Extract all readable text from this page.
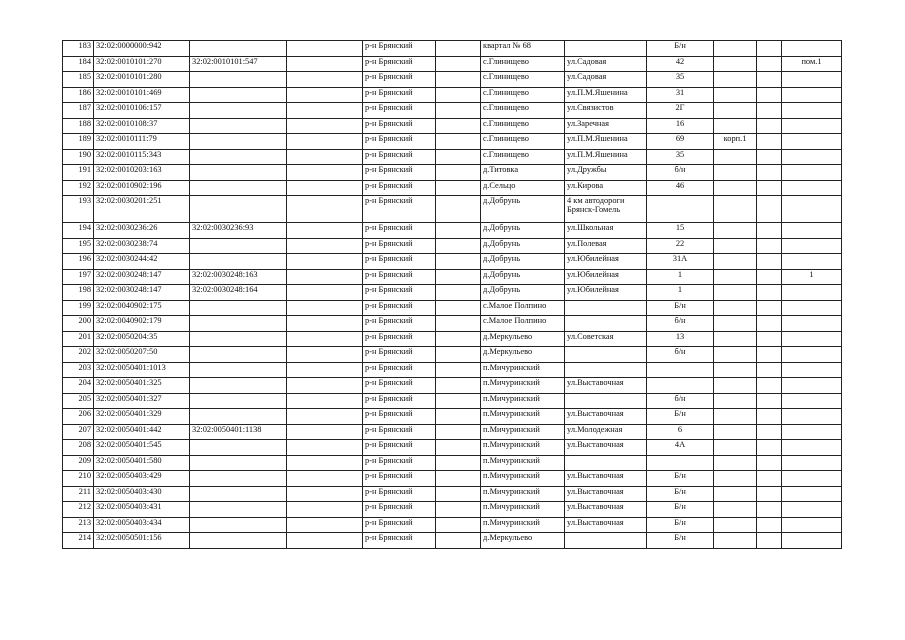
183	32:02:0000000:942			р-н Брянский		квартал № 68		Б/н			
184	32:02:0010101:270	32:02:0010101:547		р-н Брянский		с.Глинищево	ул.Садовая	42			пом.1
185	32:02:0010101:280			р-н Брянский		с.Глинищево	ул.Садовая	35			
186	32:02:0010101:469			р-н Брянский		с.Глинищево	ул.П.М.Яшенина	31			
187	32:02:0010106:157			р-н Брянский		с.Глинищево	ул.Связистов	2Г			
188	32:02:0010108:37			р-н Брянский		с.Глинищево	ул.Заречная	16			
189	32:02:0010111:79			р-н Брянский		с.Глинищево	ул.П.М.Яшенина	69	корп.1		
190	32:02:0010115:343			р-н Брянский		с.Глинищево	ул.П.М.Яшенина	35			
191	32:02:0010203:163			р-н Брянский		д.Титовка	ул.Дружбы	б/н			
192	32:02:0010902:196			р-н Брянский		д.Сельцо	ул.Кирова	46			
193	32:02:0030201:251			р-н Брянский		д.Добрунь	4 км автодороги Брянск-Гомель				
194	32:02:0030236:26	32:02:0030236:93		р-н Брянский		д.Добрунь	ул.Школьная	15			
195	32:02:0030238:74			р-н Брянский		д.Добрунь	ул.Полевая	22			
196	32:02:0030244:42			р-н Брянский		д.Добрунь	ул.Юбилейная	31А			
197	32:02:0030248:147	32:02:0030248:163		р-н Брянский		д.Добрунь	ул.Юбилейная	1			1
198	32:02:0030248:147	32:02:0030248:164		р-н Брянский		д.Добрунь	ул.Юбилейная	1			
199	32:02:0040902:175			р-н Брянский		с.Малое Полпино		Б/н			
200	32:02:0040902:179			р-н Брянский		с.Малое Полпино		б/н			
201	32:02:0050204:35			р-н Брянский		д.Меркульево	ул.Советская	13			
202	32:02:0050207:50			р-н Брянский		д.Меркульево		б/н			
203	32:02:0050401:1013			р-н Брянский		п.Мичуринский					
204	32:02:0050401:325			р-н Брянский		п.Мичуринский	ул.Выставочная				
205	32:02:0050401:327			р-н Брянский		п.Мичуринский		б/н			
206	32:02:0050401:329			р-н Брянский		п.Мичуринский	ул.Выставочная	Б/н			
207	32:02:0050401:442	32:02:0050401:1138		р-н Брянский		п.Мичуринский	ул.Молодежная	6			
208	32:02:0050401:545			р-н Брянский		п.Мичуринский	ул.Выставочная	4А			
209	32:02:0050401:580			р-н Брянский		п.Мичуринский					
210	32:02:0050403:429			р-н Брянский		п.Мичуринский	ул.Выставочная	Б/н			
211	32:02:0050403:430			р-н Брянский		п.Мичуринский	ул.Выставочная	Б/н			
212	32:02:0050403:431			р-н Брянский		п.Мичуринский	ул.Выставочная	Б/н			
213	32:02:0050403:434			р-н Брянский		п.Мичуринский	ул.Выставочная	Б/н			
214	32:02:0050501:156			р-н Брянский		д.Меркульево		Б/н			
